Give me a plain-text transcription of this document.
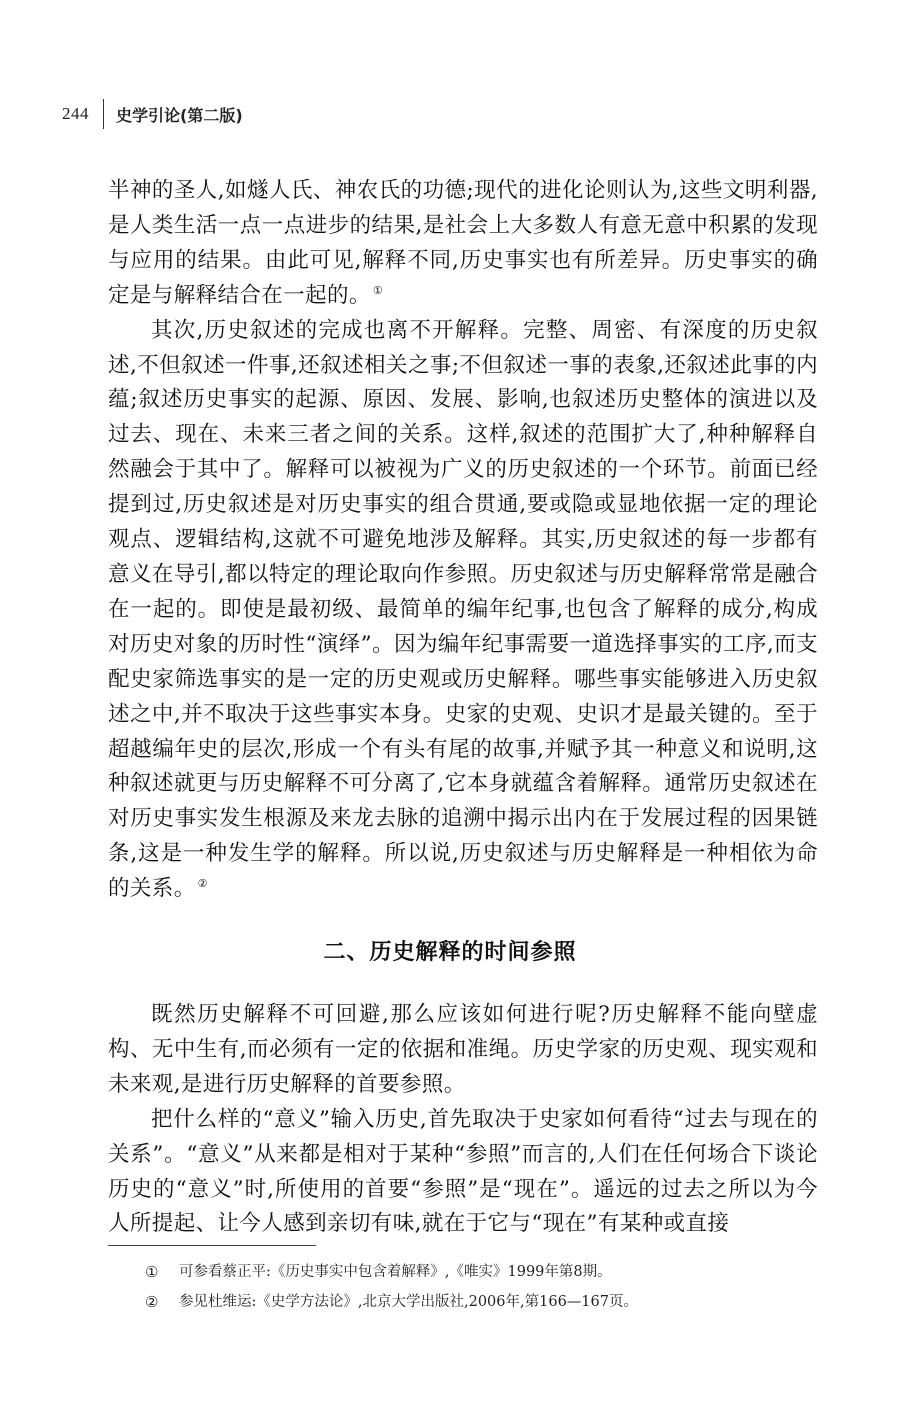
244 史学引论(第二版)

半神的圣人,如燧人氏、神农氏的功德;现代的进化论则认为,这些文明利器,是人类生活一点一点进步的结果,是社会上大多数人有意无意中积累的发现与应用的结果。由此可见,解释不同,历史事实也有所差异。历史事实的确定是与解释结合在一起的。 ①

其次,历史叙述的完成也离不开解释。完整、周密、有深度的历史叙述,不但叙述一件事,还叙述相关之事;不但叙述一事的表象,还叙述此事的内蕴;叙述历史事实的起源、原因、发展、影响,也叙述历史整体的演进以及过去、现在、未来三者之间的关系。这样,叙述的范围扩大了,种种解释自然融会于其中了。解释可以被视为广义的历史叙述的一个环节。前面已经提到过,历史叙述是对历史事实的组合贯通,要或隐或显地依据一定的理论观点、逻辑结构,这就不可避免地涉及解释。其实,历史叙述的每一步都有意义在导引,都以特定的理论取向作参照。历史叙述与历史解释常常是融合在一起的。即使是最初级、最简单的编年纪事,也包含了解释的成分,构成对历史对象的历时性“演绎”。因为编年纪事需要一道选择事实的工序,而支配史家筛选事实的是一定的历史观或历史解释。哪些事实能够进入历史叙述之中,并不取决于这些事实本身。史家的史观、史识才是最关键的。至于超越编年史的层次,形成一个有头有尾的故事,并赋予其一种意义和说明,这种叙述就更与历史解释不可分离了,它本身就蕴含着解释。通常历史叙述在对历史事实发生根源及来龙去脉的追溯中揭示出内在于发展过程的因果链条,这是一种发生学的解释。所以说,历史叙述与历史解释是一种相依为命的关系。 ②

二、历史解释的时间参照

既然历史解释不可回避,那么应该如何进行呢?历史解释不能向壁虚构、无中生有,而必须有一定的依据和准绳。历史学家的历史观、现实观和未来观,是进行历史解释的首要参照。

把什么样的“意义”输入历史,首先取决于史家如何看待“过去与现在的关系”。“意义”从来都是相对于某种“参照”而言的,人们在任何场合下谈论历史的“意义”时,所使用的首要“参照”是“现在”。遥远的过去之所以为今人所提起、让今人感到亲切有味,就在于它与“现在”有某种或直接

①	可参看蔡正平:《历史事实中包含着解释》,《唯实》1999年第8期。
②	参见杜维运:《史学方法论》,北京大学出版社,2006年,第166—167页。
